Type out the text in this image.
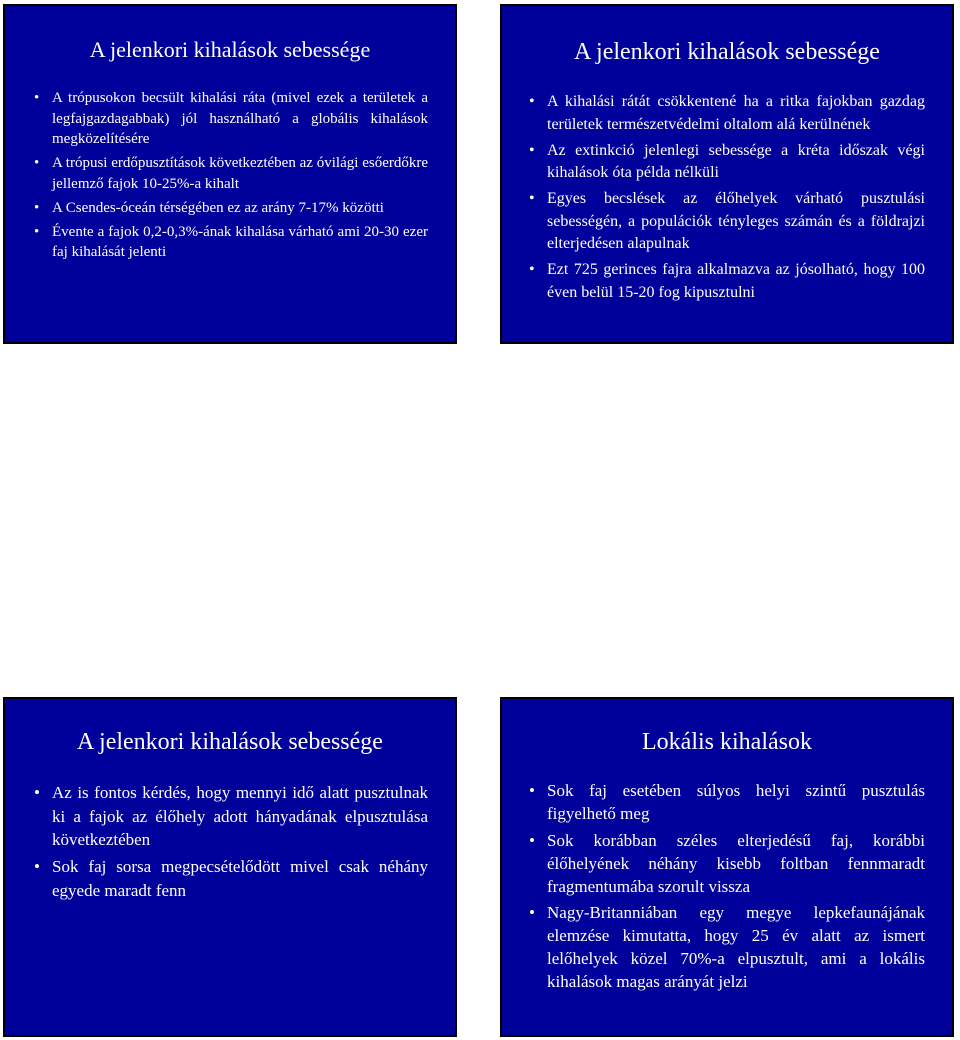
A jelenkori kihalások sebessége
• A trópusokon becsült kihalási ráta (mivel ezek a területek a legfajgazdagabbak) jól használható a globális kihalások megközelítésére
• A trópusi erdőpusztítások következtében az óvilági esőerdőkre jellemző fajok 10-25%-a kihalt
• A Csendes-óceán térségében ez az arány 7-17% közötti
• Évente a fajok 0,2-0,3%-ának kihalása várható ami 20-30 ezer faj kihalását jelenti
A jelenkori kihalások sebessége
• A kihalási rátát csökkentené ha a ritka fajokban gazdag területek természetvédelmi oltalom alá kerülnének
• Az extinkció jelenlegi sebessége a kréta időszak végi kihalások óta példa nélküli
• Egyes becslések az élőhelyek várható pusztulási sebességén, a populációk tényleges számán és a földrajzi elterjedésen alapulnak
• Ezt 725 gerinces fajra alkalmazva az jósolható, hogy 100 éven belül 15-20 fog kipusztulni
A jelenkori kihalások sebessége
• Az is fontos kérdés, hogy mennyi idő alatt pusztulnak ki a fajok az élőhely adott hányadának elpusztulása következtében
• Sok faj sorsa megpecsételődött mivel csak néhány egyede maradt fenn
Lokális kihalások
• Sok faj esetében súlyos helyi szintű pusztulás figyelhető meg
• Sok korábban széles elterjedésű faj, korábbi élőhelyének néhány kisebb foltban fennmaradt fragmentumába szorult vissza
• Nagy-Britanniában egy megye lepkefaunájának elemzése kimutatta, hogy 25 év alatt az ismert lelőhelyek közel 70%-a elpusztult, ami a lokális kihalások magas arányát jelzi
